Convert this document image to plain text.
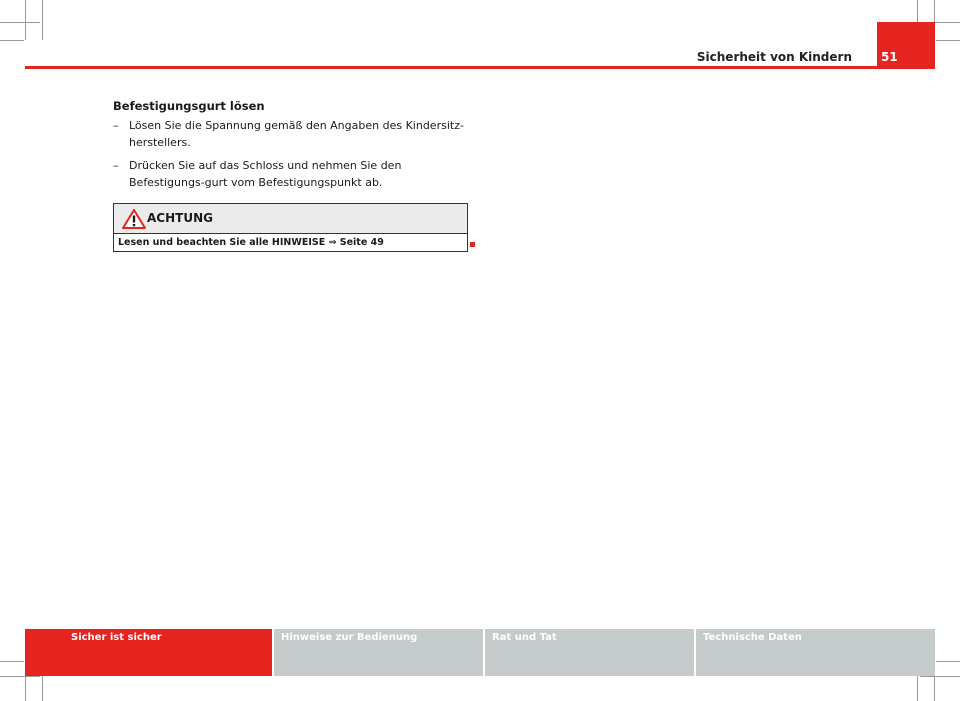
Sicherheit von Kindern 51
Befestigungsgurt lösen
– Lösen Sie die Spannung gemäß den Angaben des Kindersitz-herstellers.
– Drücken Sie auf das Schloss und nehmen Sie den Befestigungs-gurt vom Befestigungspunkt ab.
ACHTUNG
Lesen und beachten Sie alle HINWEISE ⇒ Seite 49
Sicher ist sicher	Hinweise zur Bedienung	Rat und Tat	Technische Daten
